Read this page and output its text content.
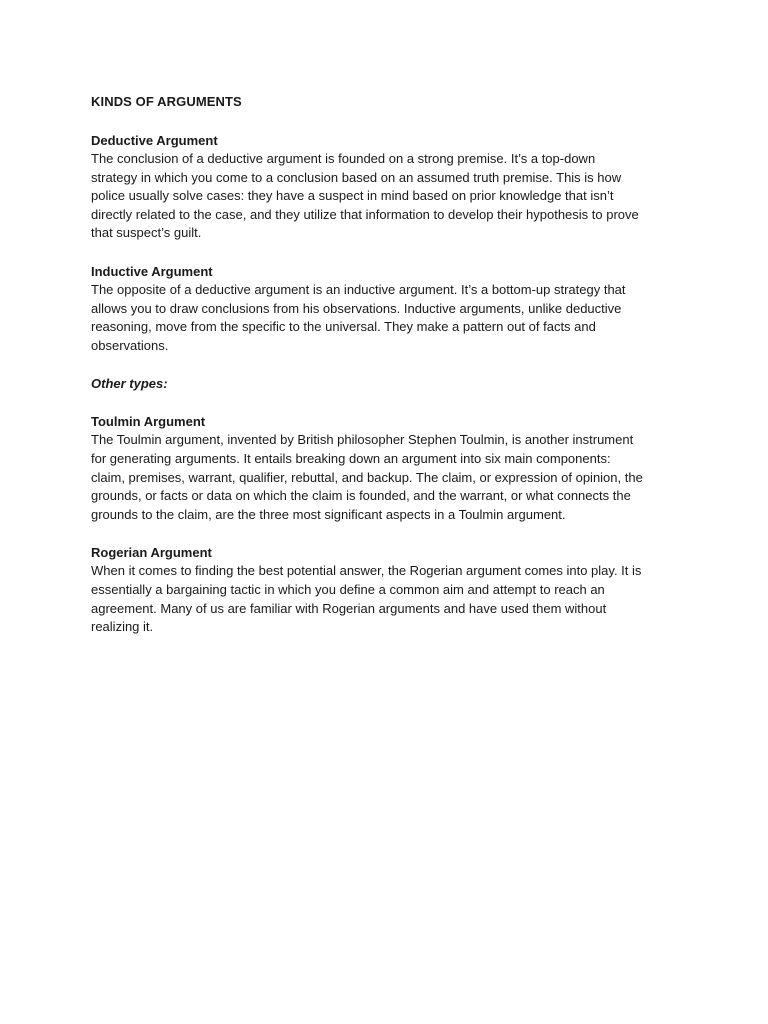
KINDS OF ARGUMENTS
Deductive Argument
The conclusion of a deductive argument is founded on a strong premise. It’s a top-down
strategy in which you come to a conclusion based on an assumed truth premise. This is how
police usually solve cases: they have a suspect in mind based on prior knowledge that isn’t
directly related to the case, and they utilize that information to develop their hypothesis to prove
that suspect’s guilt.
Inductive Argument
The opposite of a deductive argument is an inductive argument. It’s a bottom-up strategy that
allows you to draw conclusions from his observations. Inductive arguments, unlike deductive
reasoning, move from the specific to the universal. They make a pattern out of facts and
observations.
Other types:
Toulmin Argument
The Toulmin argument, invented by British philosopher Stephen Toulmin, is another instrument
for generating arguments. It entails breaking down an argument into six main components:
claim, premises, warrant, qualifier, rebuttal, and backup. The claim, or expression of opinion, the
grounds, or facts or data on which the claim is founded, and the warrant, or what connects the
grounds to the claim, are the three most significant aspects in a Toulmin argument.
Rogerian Argument
When it comes to finding the best potential answer, the Rogerian argument comes into play. It is
essentially a bargaining tactic in which you define a common aim and attempt to reach an
agreement. Many of us are familiar with Rogerian arguments and have used them without
realizing it.
